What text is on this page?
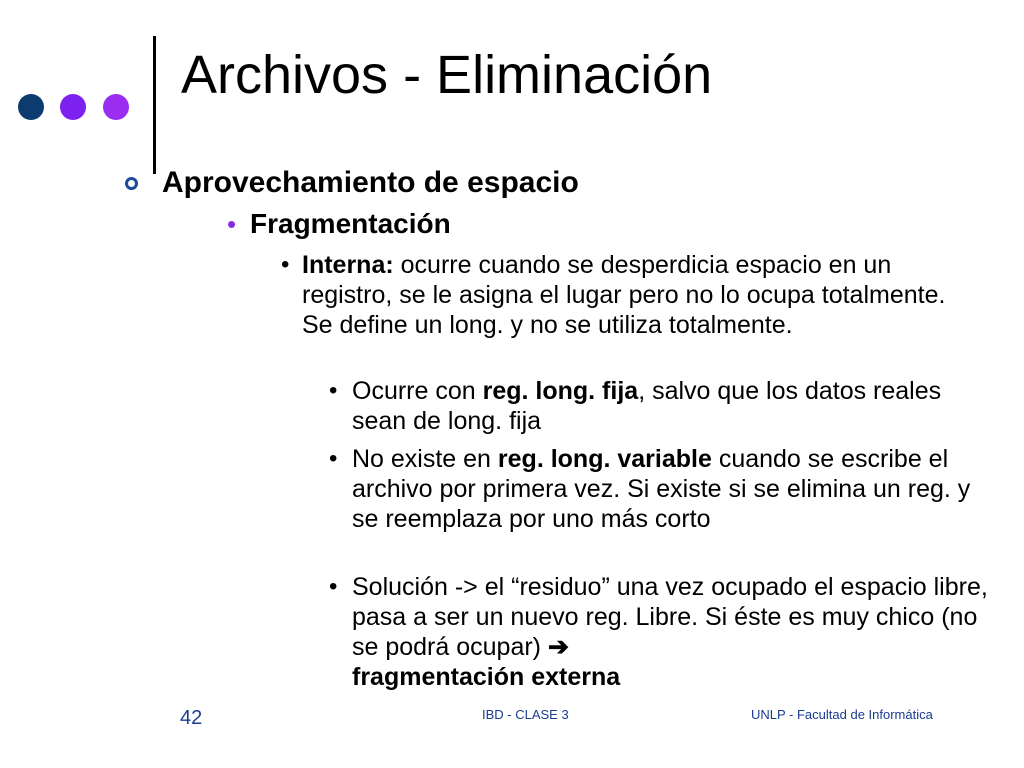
Archivos - Eliminación
Aprovechamiento de espacio
• Fragmentación
• Interna: ocurre cuando se desperdicia espacio en un registro, se le asigna el lugar pero no lo ocupa totalmente. Se define un long. y no se utiliza totalmente.
• Ocurre con reg. long. fija, salvo que los datos reales sean de long. fija
• No existe en reg. long. variable cuando se escribe el archivo por primera vez. Si existe si se elimina un reg. y se reemplaza por uno más corto
• Solución -> el “residuo” una vez ocupado el espacio libre, pasa a ser un nuevo reg. Libre. Si éste es muy chico (no se podrá ocupar) ➔
fragmentación externa
42	IBD - CLASE 3	UNLP - Facultad de Informática
